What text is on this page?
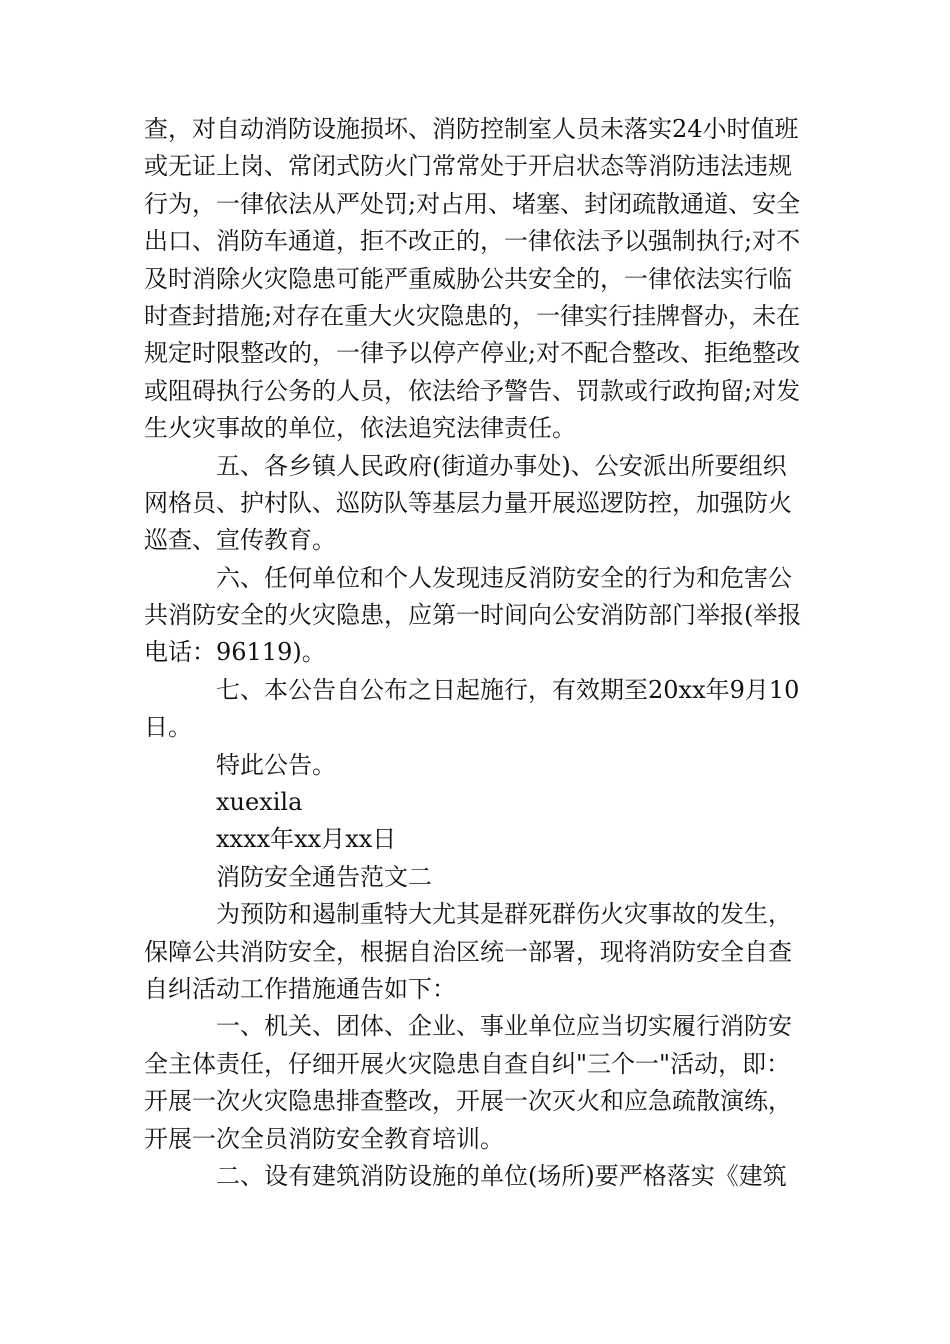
查，对自动消防设施损坏、消防控制室人员未落实24小时值班
或无证上岗、常闭式防火门常常处于开启状态等消防违法违规
行为，一律依法从严处罚;对占用、堵塞、封闭疏散通道、安全
出口、消防车通道，拒不改正的，一律依法予以强制执行;对不
及时消除火灾隐患可能严重威胁公共安全的，一律依法实行临
时查封措施;对存在重大火灾隐患的，一律实行挂牌督办，未在
规定时限整改的，一律予以停产停业;对不配合整改、拒绝整改
或阻碍执行公务的人员，依法给予警告、罚款或行政拘留;对发
生火灾事故的单位，依法追究法律责任。
五、各乡镇人民政府(街道办事处)、公安派出所要组织
网格员、护村队、巡防队等基层力量开展巡逻防控，加强防火
巡查、宣传教育。
六、任何单位和个人发现违反消防安全的行为和危害公
共消防安全的火灾隐患，应第一时间向公安消防部门举报(举报
电话：96119)。
七、本公告自公布之日起施行，有效期至20xx年9月10
日。
特此公告。
xuexila
xxxx年xx月xx日
消防安全通告范文二
为预防和遏制重特大尤其是群死群伤火灾事故的发生，
保障公共消防安全，根据自治区统一部署，现将消防安全自查
自纠活动工作措施通告如下：
一、机关、团体、企业、事业单位应当切实履行消防安
全主体责任，仔细开展火灾隐患自查自纠"三个一"活动，即：
开展一次火灾隐患排查整改，开展一次灭火和应急疏散演练，
开展一次全员消防安全教育培训。
二、设有建筑消防设施的单位(场所)要严格落实《建筑
